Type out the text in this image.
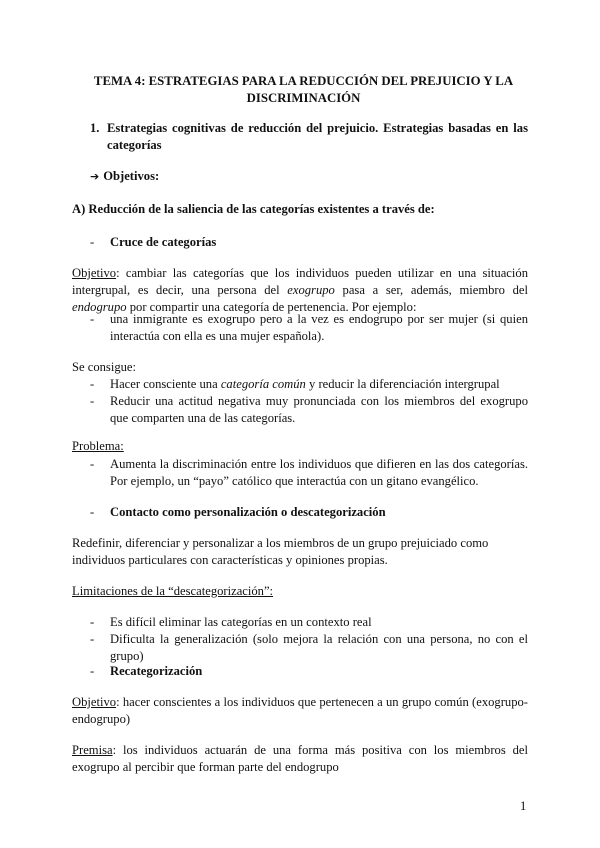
TEMA 4: ESTRATEGIAS PARA LA REDUCCIÓN DEL PREJUICIO Y LA DISCRIMINACIÓN
1. Estrategias cognitivas de reducción del prejuicio. Estrategias basadas en las categorías
➔ Objetivos:
A) Reducción de la saliencia de las categorías existentes a través de:
-	Cruce de categorías
Objetivo: cambiar las categorías que los individuos pueden utilizar en una situación intergrupal, es decir, una persona del exogrupo pasa a ser, además, miembro del endogrupo por compartir una categoría de pertenencia. Por ejemplo:
-	una inmigrante es exogrupo pero a la vez es endogrupo por ser mujer (si quien interactúa con ella es una mujer española).
Se consigue:
-	Hacer consciente una categoría común y reducir la diferenciación intergrupal
-	Reducir una actitud negativa muy pronunciada con los miembros del exogrupo que comparten una de las categorías.
Problema:
-	Aumenta la discriminación entre los individuos que difieren en las dos categorías. Por ejemplo, un “payo” católico que interactúa con un gitano evangélico.
-	Contacto como personalización o descategorización
Redefinir, diferenciar y personalizar a los miembros de un grupo prejuiciado como individuos particulares con características y opiniones propias.
Limitaciones de la “descategorización”:
-	Es difícil eliminar las categorías en un contexto real
-	Dificulta la generalización (solo mejora la relación con una persona, no con el grupo)
-	Recategorización
Objetivo: hacer conscientes a los individuos que pertenecen a un grupo común (exogrupo-endogrupo)
Premisa: los individuos actuarán de una forma más positiva con los miembros del exogrupo al percibir que forman parte del endogrupo
1
